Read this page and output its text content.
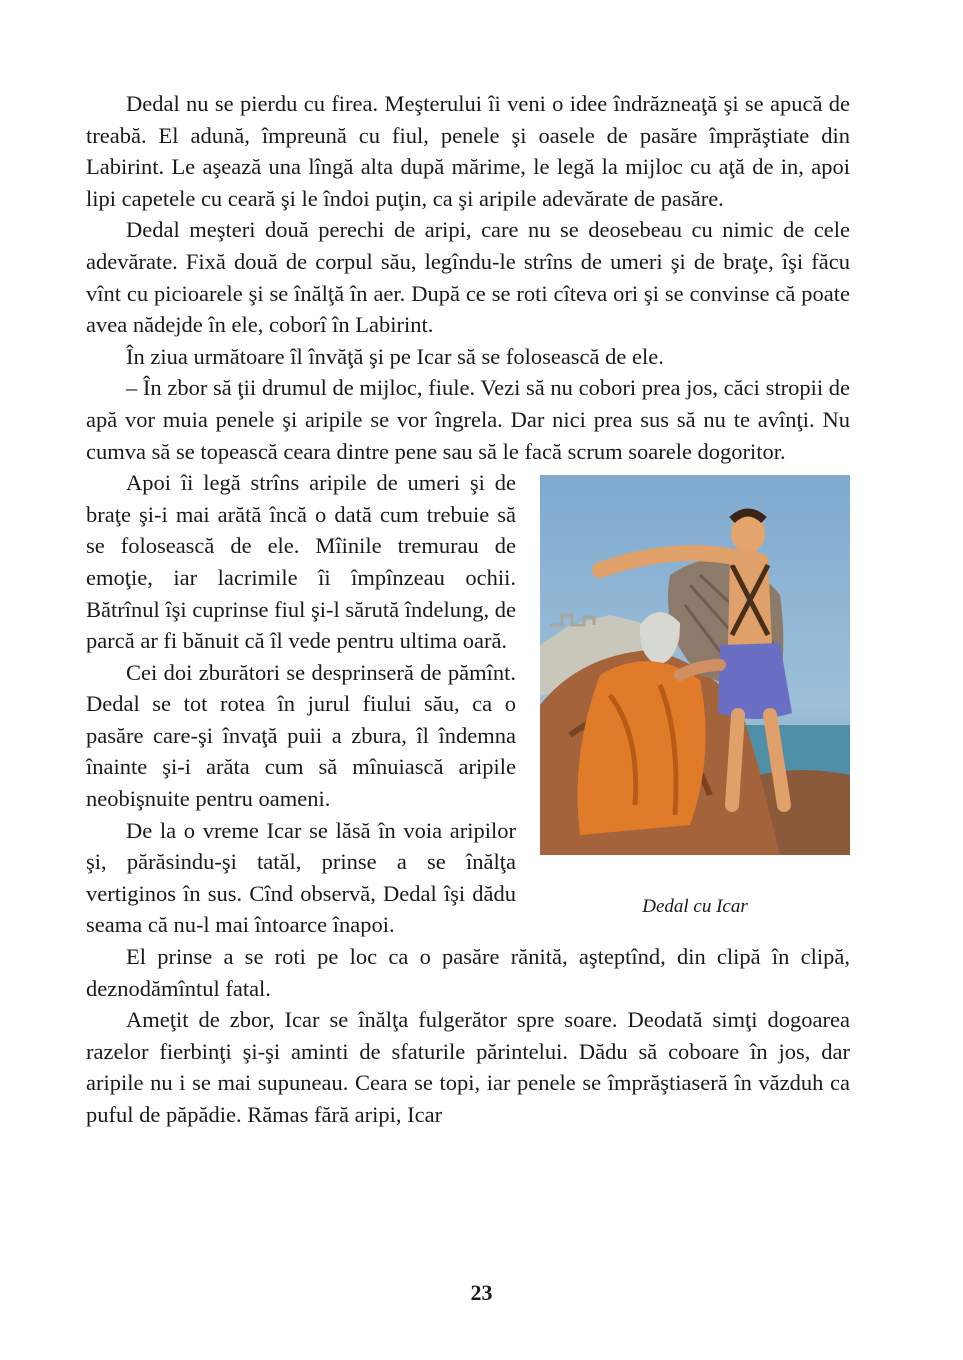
Dedal nu se pierdu cu firea. Meşterului îi veni o idee îndrăzneaţă şi se apucă de treabă. El adună, împreună cu fiul, penele şi oasele de pasăre împrăştiate din Labirint. Le aşează una lîngă alta după mărime, le legă la mijloc cu aţă de in, apoi lipi capetele cu ceară şi le îndoi puţin, ca şi aripile adevărate de pasăre.

Dedal meşteri două perechi de aripi, care nu se deosebeau cu nimic de cele adevărate. Fixă două de corpul său, legîndu-le strîns de umeri şi de braţe, îşi făcu vînt cu picioarele şi se înălţă în aer. După ce se roti cîteva ori şi se convinse că poate avea nădejde în ele, coborî în Labirint.

În ziua următoare îl învăţă şi pe Icar să se folosească de ele.

– În zbor să ţii drumul de mijloc, fiule. Vezi să nu cobori prea jos, căci stropii de apă vor muia penele şi aripile se vor îngrela. Dar nici prea sus să nu te avînţi. Nu cumva să se topească ceara dintre pene sau să le facă scrum soarele dogoritor.

Dedal cu Icar

Apoi îi legă strîns aripile de umeri şi de braţe şi-i mai arătă încă o dată cum trebuie să se folosească de ele. Mîinile tremurau de emoţie, iar lacrimile îi împînzeau ochii. Bătrînul îşi cuprinse fiul şi-l sărută îndelung, de parcă ar fi bănuit că îl vede pentru ultima oară.

Cei doi zburători se desprinseră de pămînt. Dedal se tot rotea în jurul fiului său, ca o pasăre care-şi învaţă puii a zbura, îl îndemna înainte şi-i arăta cum să mînuiască aripile neobişnuite pentru oameni.

De la o vreme Icar se lăsă în voia aripilor şi, părăsindu-şi tatăl, prinse a se înălţa vertiginos în sus. Cînd observă, Dedal îşi dădu seama că nu-l mai întoarce înapoi.

El prinse a se roti pe loc ca o pasăre rănită, aşteptînd, din clipă în clipă, deznodămîntul fatal.

Ameţit de zbor, Icar se înălţa fulgerător spre soare. Deodată simţi dogoarea razelor fierbinţi şi-şi aminti de sfaturile părintelui. Dădu să coboare în jos, dar aripile nu i se mai supuneau. Ceara se topi, iar penele se împrăştiaseră în văzduh ca puful de păpădie. Rămas fără aripi, Icar

23
